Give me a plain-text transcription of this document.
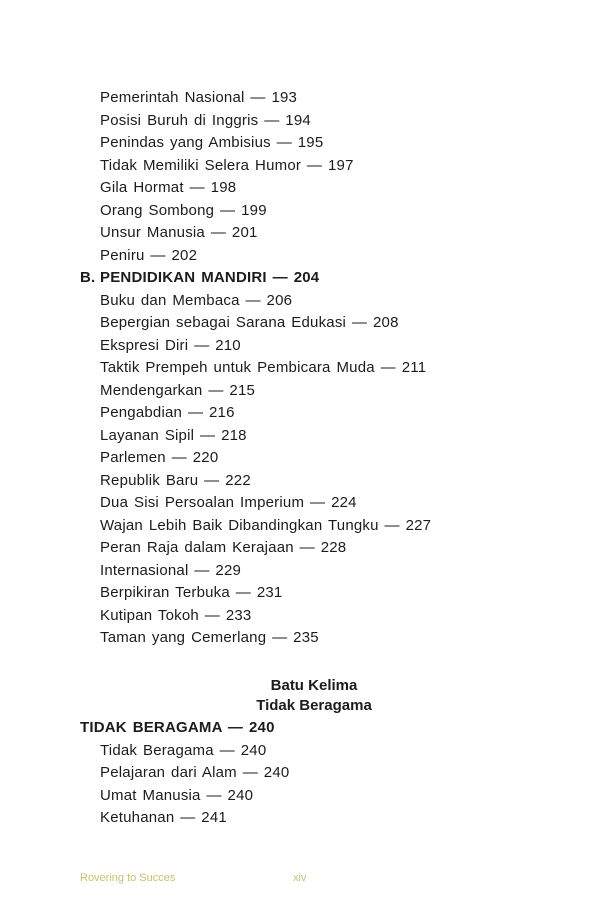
Pemerintah Nasional — 193
Posisi Buruh di Inggris — 194
Penindas yang Ambisius — 195
Tidak Memiliki Selera Humor — 197
Gila Hormat — 198
Orang Sombong — 199
Unsur Manusia — 201
Peniru — 202
B. PENDIDIKAN MANDIRI — 204
Buku dan Membaca — 206
Bepergian sebagai Sarana Edukasi — 208
Ekspresi Diri — 210
Taktik Prempeh untuk Pembicara Muda — 211
Mendengarkan — 215
Pengabdian — 216
Layanan Sipil — 218
Parlemen — 220
Republik Baru — 222
Dua Sisi Persoalan Imperium — 224
Wajan Lebih Baik Dibandingkan Tungku — 227
Peran Raja dalam Kerajaan — 228
Internasional — 229
Berpikiran Terbuka — 231
Kutipan Tokoh — 233
Taman yang Cemerlang — 235
Batu Kelima
Tidak Beragama
TIDAK BERAGAMA — 240
Tidak Beragama — 240
Pelajaran dari Alam — 240
Umat Manusia — 240
Ketuhanan — 241
Rovering to Succes	xiv
